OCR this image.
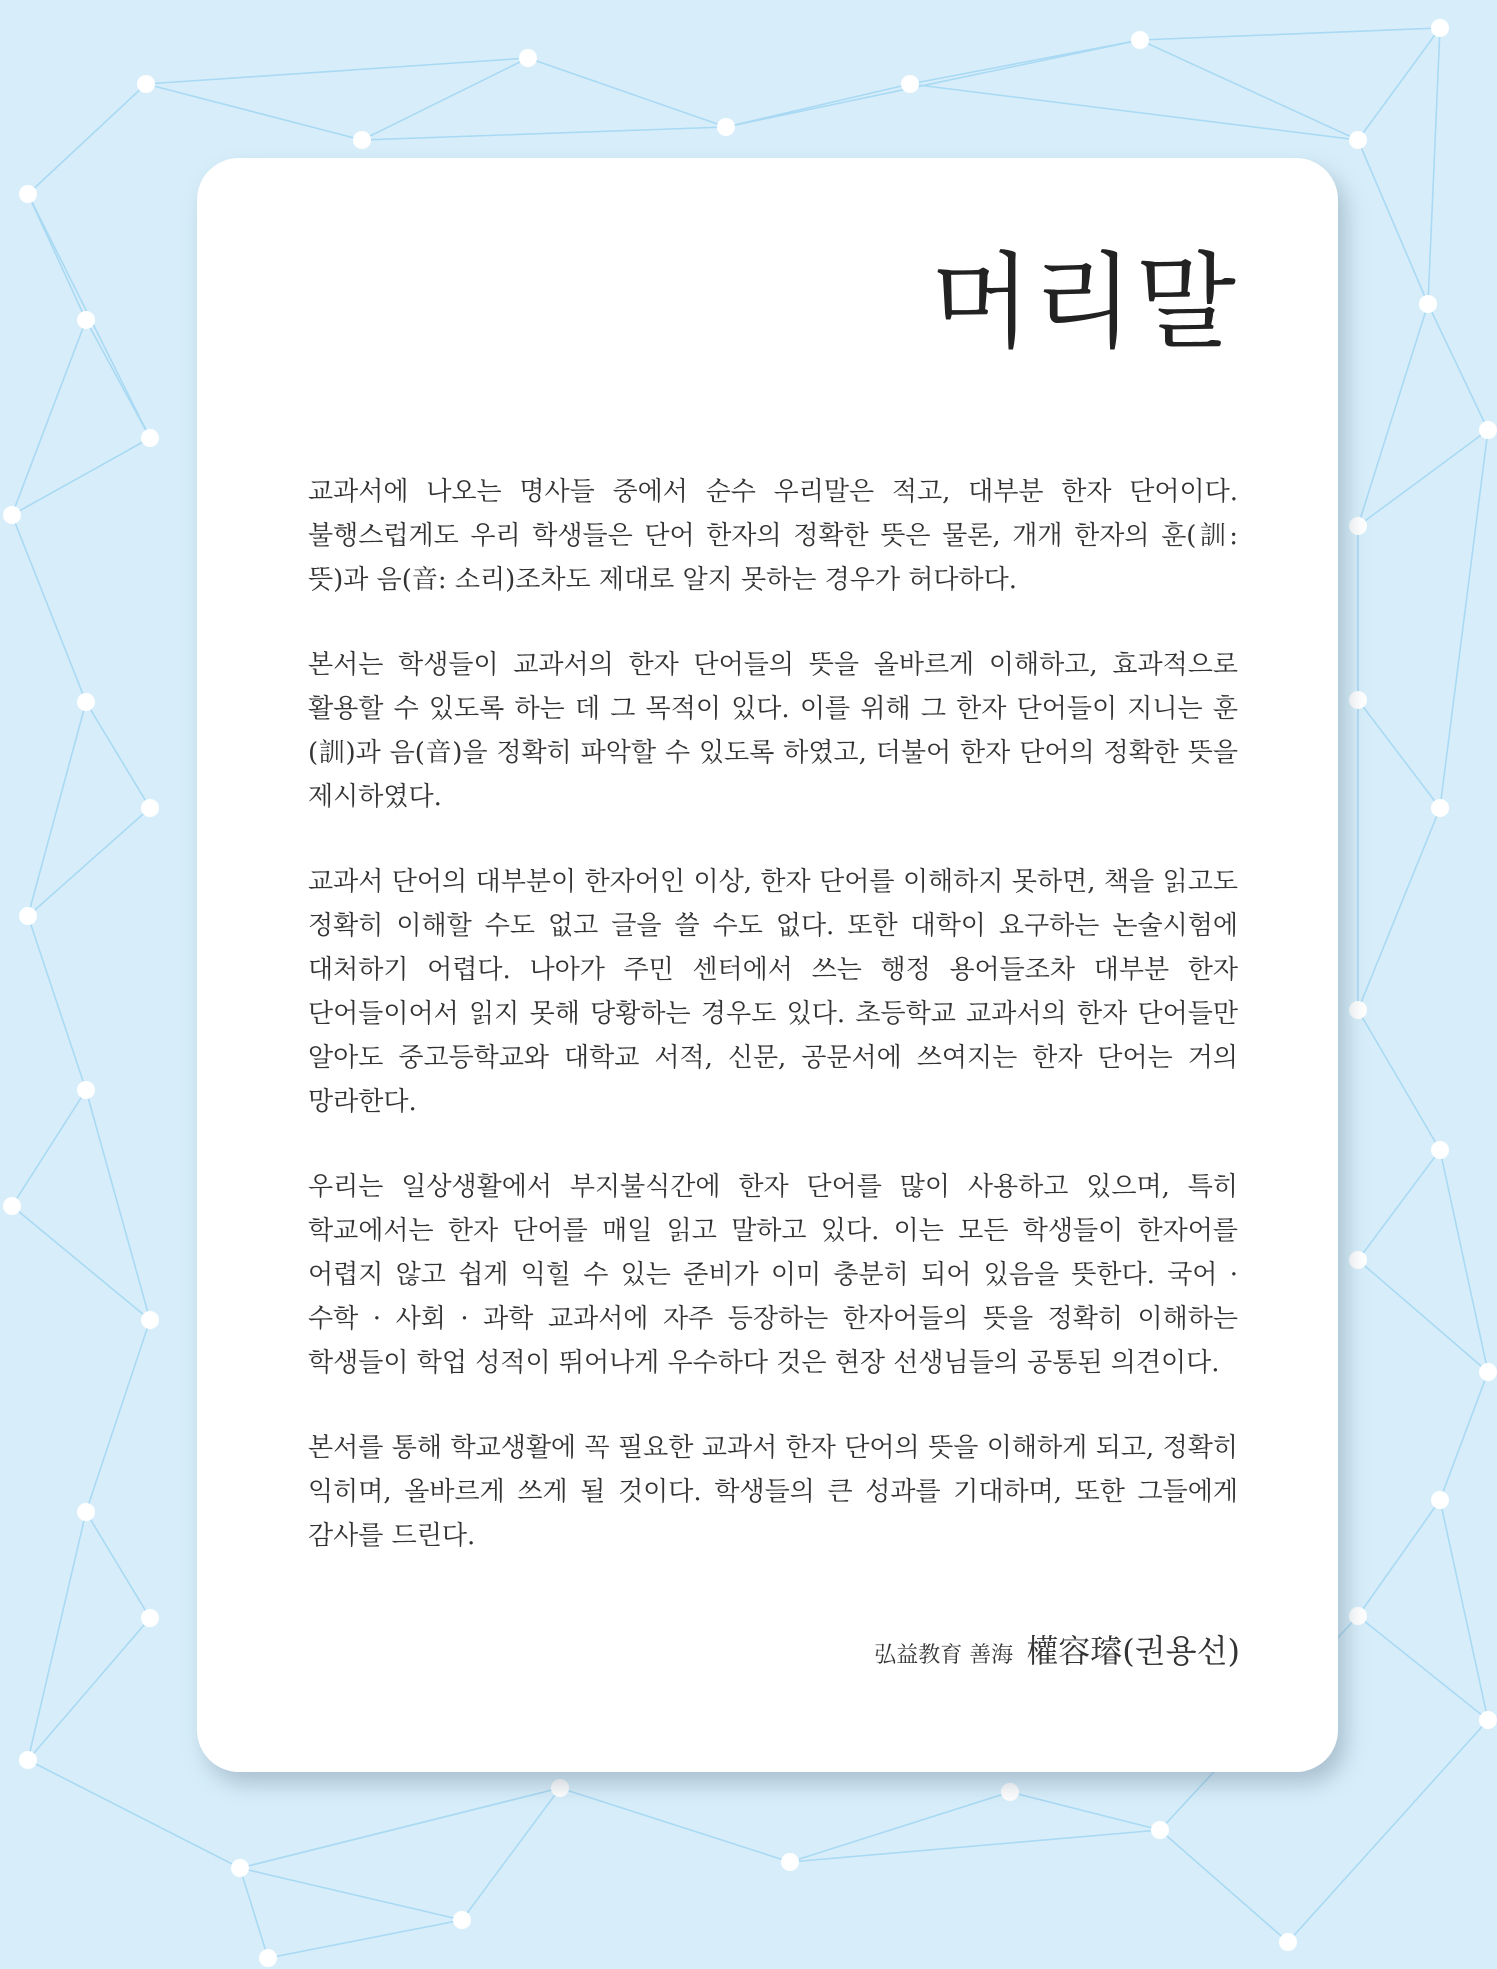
머리말

교과서에 나오는 명사들 중에서 순수 우리말은 적고, 대부분 한자 단어이다. 불행스럽게도 우리 학생들은 단어 한자의 정확한 뜻은 물론, 개개 한자의 훈(訓: 뜻)과 음(音: 소리)조차도 제대로 알지 못하는 경우가 허다하다.

본서는 학생들이 교과서의 한자 단어들의 뜻을 올바르게 이해하고, 효과적으로 활용할 수 있도록 하는 데 그 목적이 있다. 이를 위해 그 한자 단어들이 지니는 훈(訓)과 음(音)을 정확히 파악할 수 있도록 하였고, 더불어 한자 단어의 정확한 뜻을 제시하였다.

교과서 단어의 대부분이 한자어인 이상, 한자 단어를 이해하지 못하면, 책을 읽고도 정확히 이해할 수도 없고 글을 쓸 수도 없다. 또한 대학이 요구하는 논술시험에 대처하기 어렵다. 나아가 주민 센터에서 쓰는 행정 용어들조차 대부분 한자 단어들이어서 읽지 못해 당황하는 경우도 있다. 초등학교 교과서의 한자 단어들만 알아도 중고등학교와 대학교 서적, 신문, 공문서에 쓰여지는 한자 단어는 거의 망라한다.

우리는 일상생활에서 부지불식간에 한자 단어를 많이 사용하고 있으며, 특히 학교에서는 한자 단어를 매일 읽고 말하고 있다. 이는 모든 학생들이 한자어를 어렵지 않고 쉽게 익힐 수 있는 준비가 이미 충분히 되어 있음을 뜻한다. 국어 · 수학 · 사회 · 과학 교과서에 자주 등장하는 한자어들의 뜻을 정확히 이해하는 학생들이 학업 성적이 뛰어나게 우수하다 것은 현장 선생님들의 공통된 의견이다.

본서를 통해 학교생활에 꼭 필요한 교과서 한자 단어의 뜻을 이해하게 되고, 정확히 익히며, 올바르게 쓰게 될 것이다. 학생들의 큰 성과를 기대하며, 또한 그들에게 감사를 드린다.

弘益教育 善海 權容璿(권용선)
